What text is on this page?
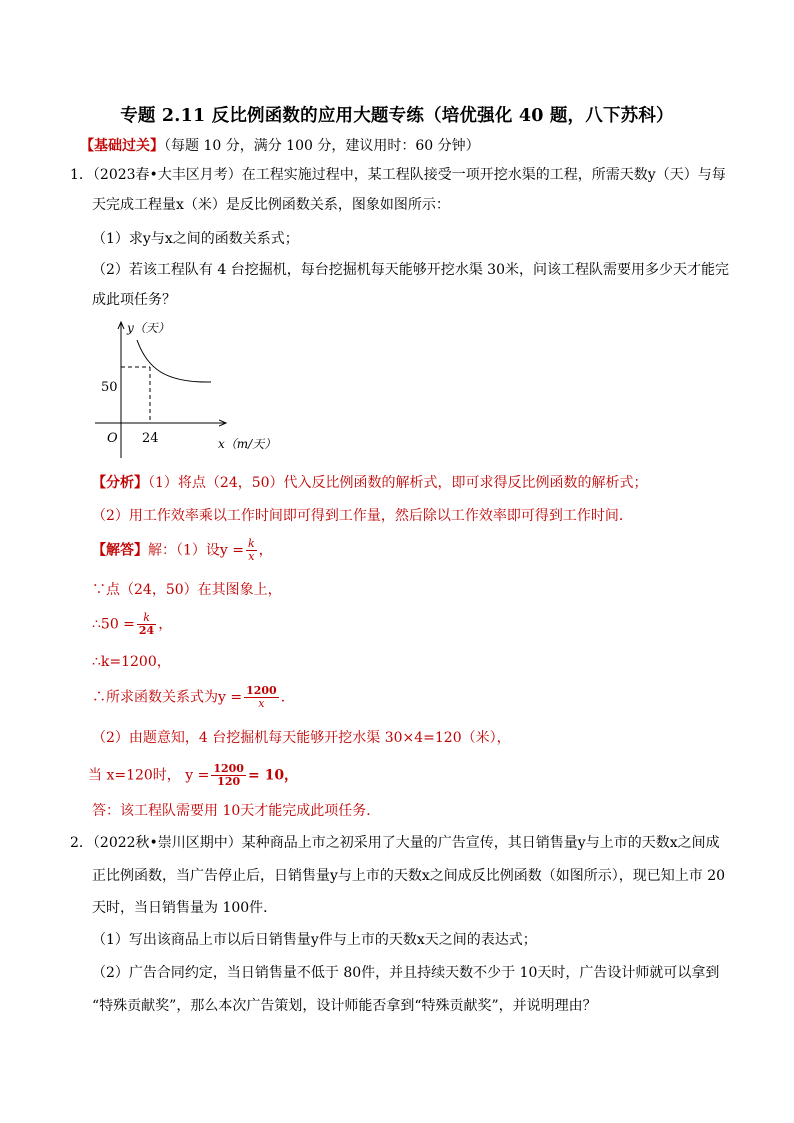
专题 2.11 反比例函数的应用大题专练（培优强化 40 题，八下苏科）
【基础过关】（每题 10 分，满分 100 分，建议用时：60 分钟）
1．（2023春•大丰区月考）在工程实施过程中，某工程队接受一项开挖水渠的工程，所需天数y（天）与每
天完成工程量x（米）是反比例函数关系，图象如图所示：
（1）求y与x之间的函数关系式；
（2）若该工程队有 4 台挖掘机，每台挖掘机每天能够开挖水渠 30米，问该工程队需要用多少天才能完
成此项任务？
y（天）
x（m/天）
O 24
50
【分析】（1）将点（24，50）代入反比例函数的解析式，即可求得反比例函数的解析式；
（2）用工作效率乘以工作时间即可得到工作量，然后除以工作效率即可得到工作时间．
【解答】解：（1）设$y = \frac{k}{x}$ ，
∵点（24，50）在其图象上，
∴50 = $\frac{k}{24}$ ，
∴k=1200，
∴所求函数关系式为$y = \frac{1200}{x}$ ．
（2）由题意知，4 台挖掘机每天能够开挖水渠 30×4=120（米），
当 x=120时， $y = \frac{1200}{120} = 10$，
答：该工程队需要用 10天才能完成此项任务．
2．（2022秋•崇川区期中）某种商品上市之初采用了大量的广告宣传，其日销售量y与上市的天数x之间成
正比例函数，当广告停止后，日销售量y与上市的天数x之间成反比例函数（如图所示），现已知上市 20
天时，当日销售量为 100件．
（1）写出该商品上市以后日销售量y件与上市的天数x天之间的表达式；
（2）广告合同约定，当日销售量不低于 80件，并且持续天数不少于 10天时，广告设计师就可以拿到
“特殊贡献奖”，那么本次广告策划，设计师能否拿到“特殊贡献奖”，并说明理由？
